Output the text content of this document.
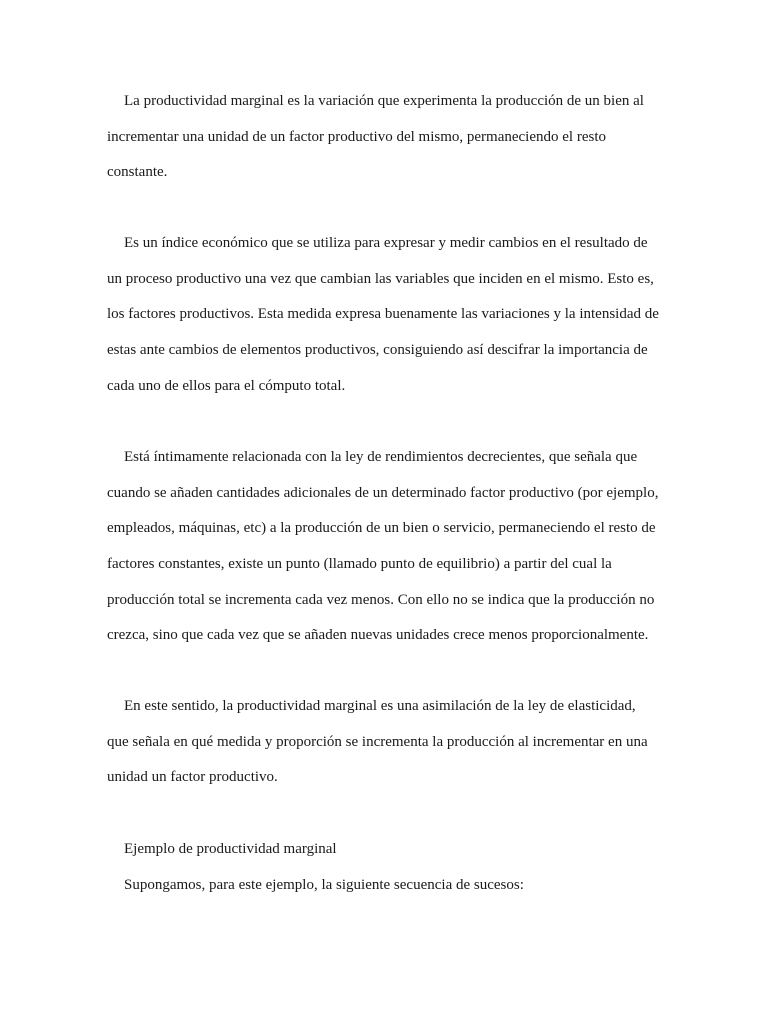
La productividad marginal es la variación que experimenta la producción de un bien al
incrementar una unidad de un factor productivo del mismo, permaneciendo el resto
constante.
Es un índice económico que se utiliza para expresar y medir cambios en el resultado de
un proceso productivo una vez que cambian las variables que inciden en el mismo. Esto es,
los factores productivos. Esta medida expresa buenamente las variaciones y la intensidad de
estas ante cambios de elementos productivos, consiguiendo así descifrar la importancia de
cada uno de ellos para el cómputo total.
Está íntimamente relacionada con la ley de rendimientos decrecientes, que señala que
cuando se añaden cantidades adicionales de un determinado factor productivo (por ejemplo,
empleados, máquinas, etc) a la producción de un bien o servicio, permaneciendo el resto de
factores constantes, existe un punto (llamado punto de equilibrio) a partir del cual la
producción total se incrementa cada vez menos. Con ello no se indica que la producción no
crezca, sino que cada vez que se añaden nuevas unidades crece menos proporcionalmente.
En este sentido, la productividad marginal es una asimilación de la ley de elasticidad,
que señala en qué medida y proporción se incrementa la producción al incrementar en una
unidad un factor productivo.
Ejemplo de productividad marginal
Supongamos, para este ejemplo, la siguiente secuencia de sucesos:
